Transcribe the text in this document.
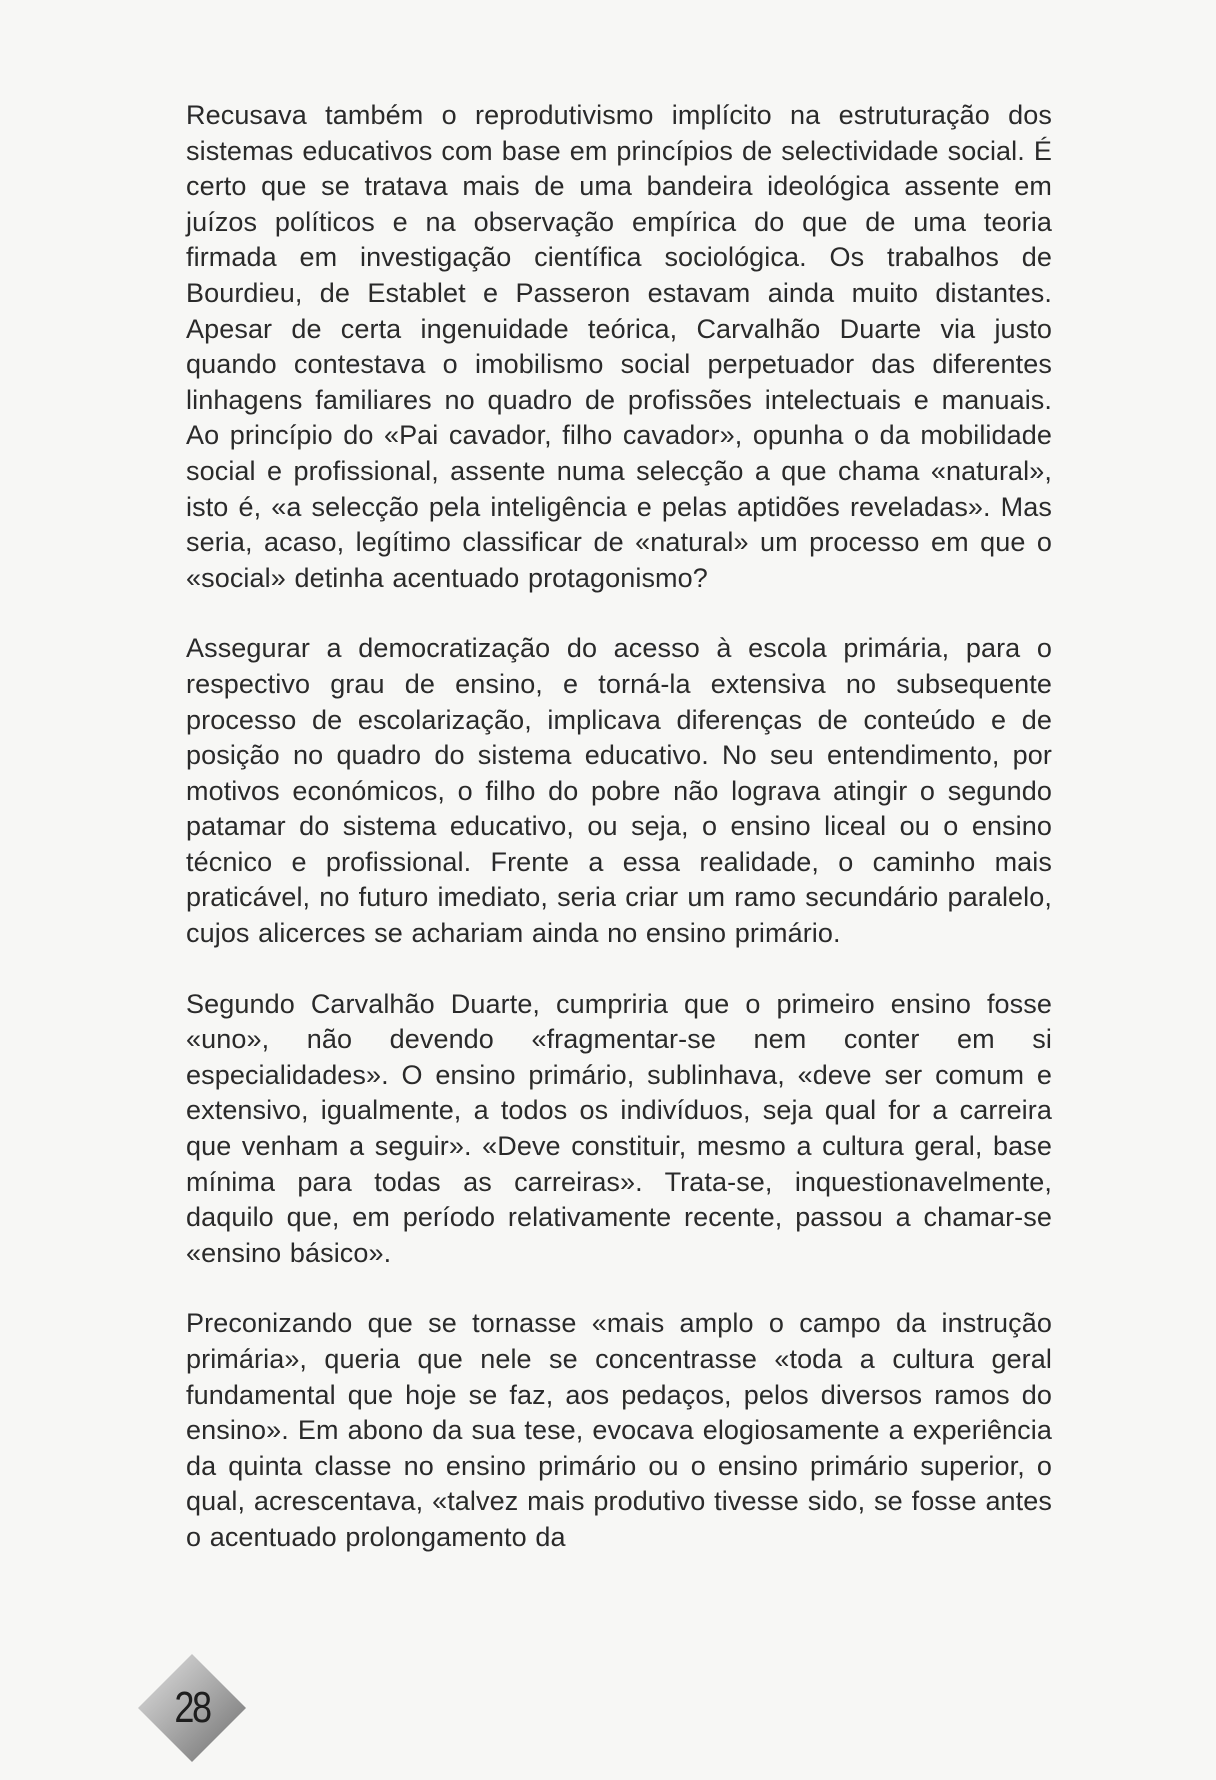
Recusava também o reprodutivismo implícito na estruturação dos sistemas educativos com base em princípios de selectividade social. É certo que se tratava mais de uma bandeira ideológica assente em juízos políticos e na observação empírica do que de uma teoria firmada em investigação científica sociológica. Os trabalhos de Bourdieu, de Establet e Passeron estavam ainda muito distantes. Apesar de certa ingenuidade teórica, Carvalhão Duarte via justo quando contestava o imobilismo social perpetuador das diferentes linhagens familiares no quadro de profissões intelectuais e manuais. Ao princípio do «Pai cavador, filho cavador», opunha o da mobilidade social e profissional, assente numa selecção a que chama «natural», isto é, «a selecção pela inteligência e pelas aptidões reveladas». Mas seria, acaso, legítimo classificar de «natural» um processo em que o «social» detinha acentuado protagonismo?

Assegurar a democratização do acesso à escola primária, para o respectivo grau de ensino, e torná-la extensiva no subsequente processo de escolarização, implicava diferenças de conteúdo e de posição no quadro do sistema educativo. No seu entendimento, por motivos económicos, o filho do pobre não lograva atingir o segundo patamar do sistema educativo, ou seja, o ensino liceal ou o ensino técnico e profissional. Frente a essa realidade, o caminho mais praticável, no futuro imediato, seria criar um ramo secundário paralelo, cujos alicerces se achariam ainda no ensino primário.

Segundo Carvalhão Duarte, cumpriria que o primeiro ensino fosse «uno», não devendo «fragmentar-se nem conter em si especialidades». O ensino primário, sublinhava, «deve ser comum e extensivo, igualmente, a todos os indivíduos, seja qual for a carreira que venham a seguir». «Deve constituir, mesmo a cultura geral, base mínima para todas as carreiras». Trata-se, inquestionavelmente, daquilo que, em período relativamente recente, passou a chamar-se «ensino básico».

Preconizando que se tornasse «mais amplo o campo da instrução primária», queria que nele se concentrasse «toda a cultura geral fundamental que hoje se faz, aos pedaços, pelos diversos ramos do ensino». Em abono da sua tese, evocava elogiosamente a experiência da quinta classe no ensino primário ou o ensino primário superior, o qual, acrescentava, «talvez mais produtivo tivesse sido, se fosse antes o acentuado prolongamento da

28
